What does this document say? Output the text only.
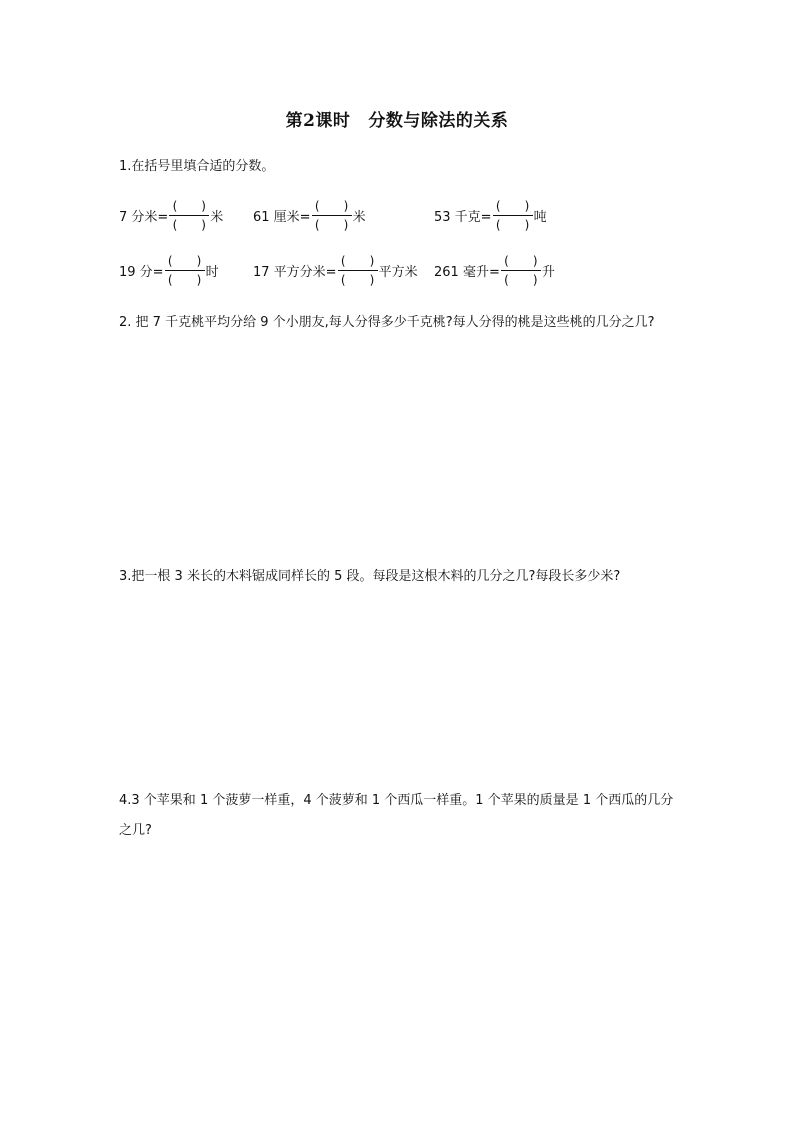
第2课时 分数与除法的关系
1.在括号里填合适的分数。
7 分米= $\frac{( )}{( )}$ 米 61 厘米= $\frac{( )}{( )}$ 米	53 千克= $\frac{( )}{( )}$ 吨
19 分= $\frac{( )}{( )}$ 时	17 平方分米= $\frac{( )}{( )}$ 平方米 261 毫升= $\frac{( )}{( )}$ 升
2. 把 7 千克桃平均分给 9 个小朋友,每人分得多少千克桃?每人分得的桃是这些桃的几分之几?
3.把一根 3 米长的木料锯成同样长的 5 段。每段是这根木料的几分之几?每段长多少米?
4.3 个苹果和 1 个菠萝一样重，4 个菠萝和 1 个西瓜一样重。1 个苹果的质量是 1 个西瓜的几分之几?
